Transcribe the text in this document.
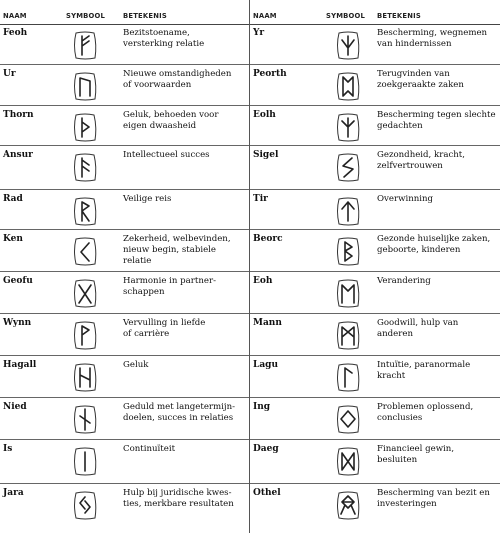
NAAM	SYMBOOL	BETEKENIS
Feoh	Bezitstoename,
versterking relatie
Ur	Nieuwe omstandigheden
of voorwaarden
Thorn	Geluk, behoeden voor
eigen dwaasheid
Ansur	Intellectueel succes
Rad	Veilige reis
Ken	Zekerheid, welbevinden,
nieuw begin, stabiele
relatie
Geofu	Harmonie in partner-
schappen
Wynn	Vervulling in liefde
of carrière
Hagall	Geluk
Nied	Geduld met langetermijn-
doelen, succes in relaties
Is	Continuïteit
Jara	Hulp bij juridische kwes-
ties, merkbare resultaten
NAAM	SYMBOOL BETEKENIS
Yr	Bescherming, wegnemen
van hindernissen
Peorth	Terugvinden van
zoekgeraakte zaken
Eolh	Bescherming tegen slechte
gedachten
Sigel	Gezondheid, kracht,
zelfvertrouwen
Tir	Overwinning
Beorc	Gezonde huiselijke zaken,
geboorte, kinderen
Eoh	Verandering
Mann	Goodwill, hulp van
anderen
Lagu	Intuïtie, paranormale
kracht
Ing	Problemen oplossend,
conclusies
Daeg	Financieel gewin,
besluiten
Othel	Bescherming van bezit en
investeringen
